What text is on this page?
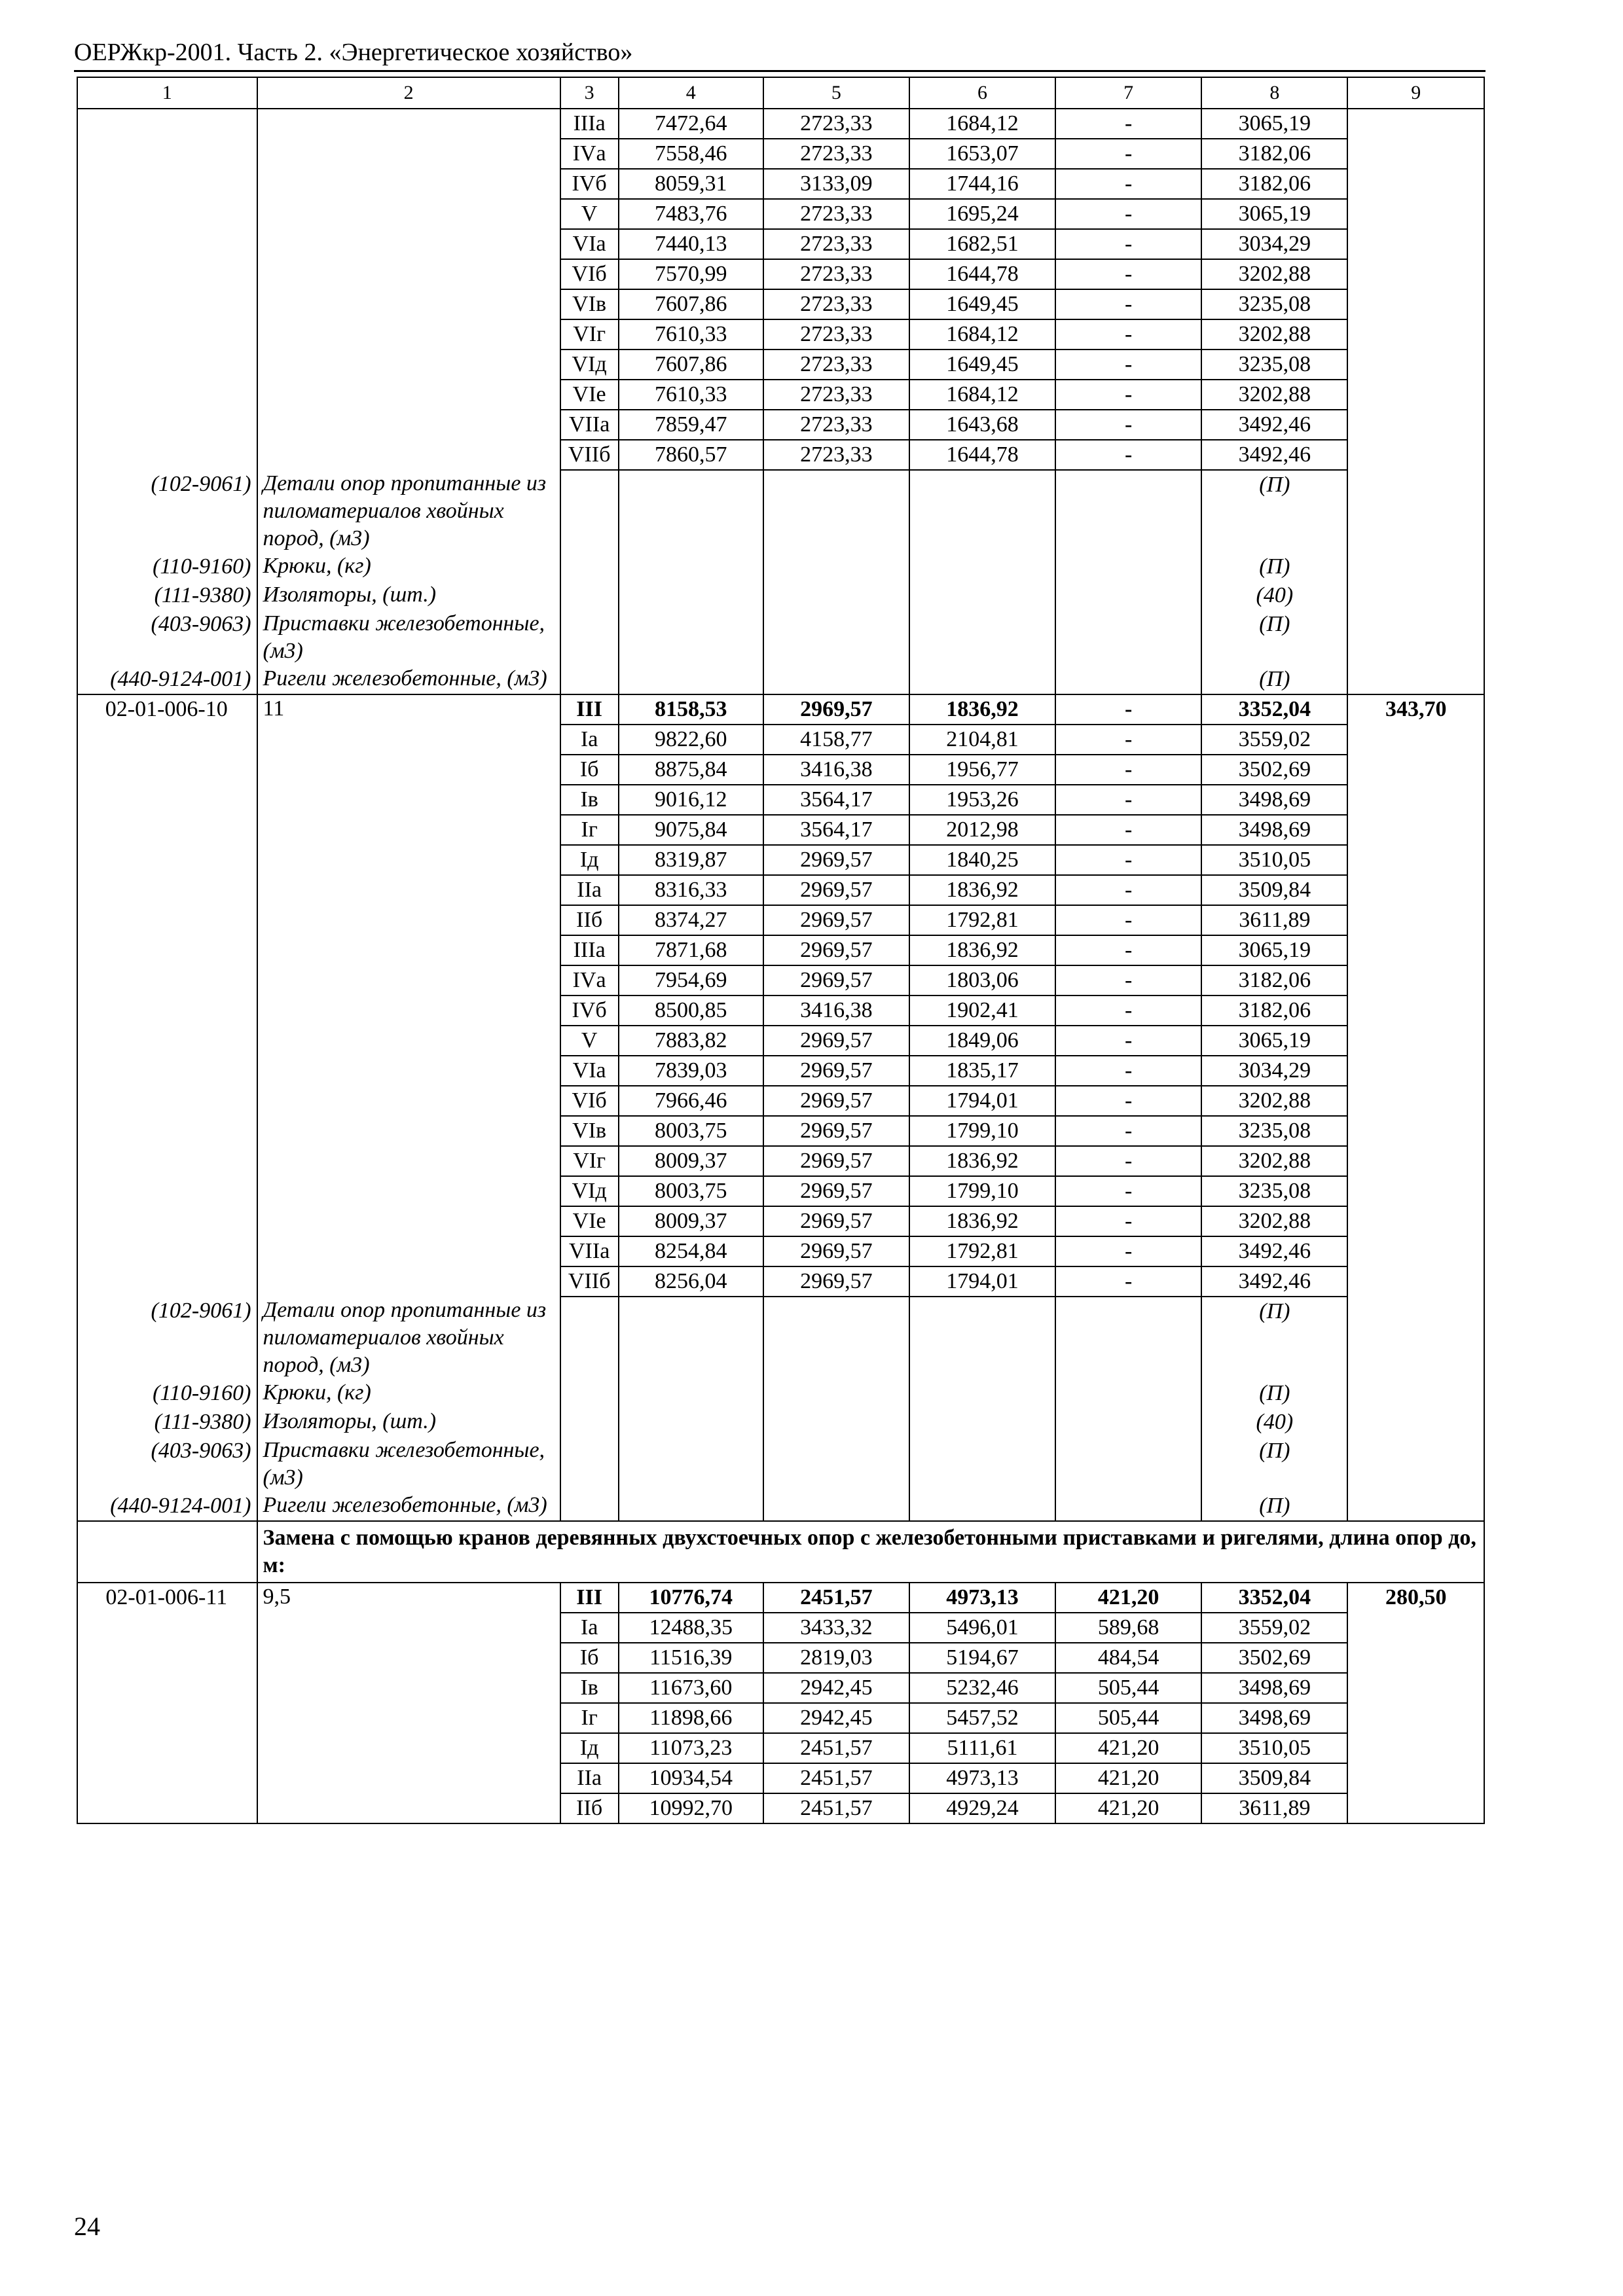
ОЕРЖкр-2001. Часть 2. «Энергетическое хозяйство»
1	2	3	4	5	6	7	8	9
		IIIа	7472,64	2723,33	1684,12	-	3065,19	
		IVа	7558,46	2723,33	1653,07	-	3182,06	
		IVб	8059,31	3133,09	1744,16	-	3182,06	
		V	7483,76	2723,33	1695,24	-	3065,19	
		VIа	7440,13	2723,33	1682,51	-	3034,29	
		VIб	7570,99	2723,33	1644,78	-	3202,88	
		VIв	7607,86	2723,33	1649,45	-	3235,08	
		VIг	7610,33	2723,33	1684,12	-	3202,88	
		VIд	7607,86	2723,33	1649,45	-	3235,08	
		VIе	7610,33	2723,33	1684,12	-	3202,88	
		VIIа	7859,47	2723,33	1643,68	-	3492,46	
		VIIб	7860,57	2723,33	1644,78	-	3492,46	
(102-9061)	Детали опор пропитанные из пиломатериалов хвойных пород, (м3)						(П)	
(110-9160)	Крюки, (кг)						(П)	
(111-9380)	Изоляторы, (шт.)						(40)	
(403-9063)	Приставки железобетонные, (м3)						(П)	
(440-9124-001)	Ригели железобетонные, (м3)						(П)	
02-01-006-10	11	III	8158,53	2969,57	1836,92	-	3352,04	343,70
		Iа	9822,60	4158,77	2104,81	-	3559,02	
		Iб	8875,84	3416,38	1956,77	-	3502,69	
		Iв	9016,12	3564,17	1953,26	-	3498,69	
		Iг	9075,84	3564,17	2012,98	-	3498,69	
		Iд	8319,87	2969,57	1840,25	-	3510,05	
		IIа	8316,33	2969,57	1836,92	-	3509,84	
		IIб	8374,27	2969,57	1792,81	-	3611,89	
		IIIа	7871,68	2969,57	1836,92	-	3065,19	
		IVа	7954,69	2969,57	1803,06	-	3182,06	
		IVб	8500,85	3416,38	1902,41	-	3182,06	
		V	7883,82	2969,57	1849,06	-	3065,19	
		VIа	7839,03	2969,57	1835,17	-	3034,29	
		VIб	7966,46	2969,57	1794,01	-	3202,88	
		VIв	8003,75	2969,57	1799,10	-	3235,08	
		VIг	8009,37	2969,57	1836,92	-	3202,88	
		VIд	8003,75	2969,57	1799,10	-	3235,08	
		VIе	8009,37	2969,57	1836,92	-	3202,88	
		VIIа	8254,84	2969,57	1792,81	-	3492,46	
		VIIб	8256,04	2969,57	1794,01	-	3492,46	
(102-9061)	Детали опор пропитанные из пиломатериалов хвойных пород, (м3)						(П)	
(110-9160)	Крюки, (кг)						(П)	
(111-9380)	Изоляторы, (шт.)						(40)	
(403-9063)	Приставки железобетонные, (м3)						(П)	
(440-9124-001)	Ригели железобетонные, (м3)						(П)	
	Замена с помощью кранов деревянных двухстоечных опор с железобетонными приставками и ригелями, длина опор до, м:							
02-01-006-11	9,5	III	10776,74	2451,57	4973,13	421,20	3352,04	280,50
		Iа	12488,35	3433,32	5496,01	589,68	3559,02	
		Iб	11516,39	2819,03	5194,67	484,54	3502,69	
		Iв	11673,60	2942,45	5232,46	505,44	3498,69	
		Iг	11898,66	2942,45	5457,52	505,44	3498,69	
		Iд	11073,23	2451,57	5111,61	421,20	3510,05	
		IIа	10934,54	2451,57	4973,13	421,20	3509,84	
		IIб	10992,70	2451,57	4929,24	421,20	3611,89	
24
